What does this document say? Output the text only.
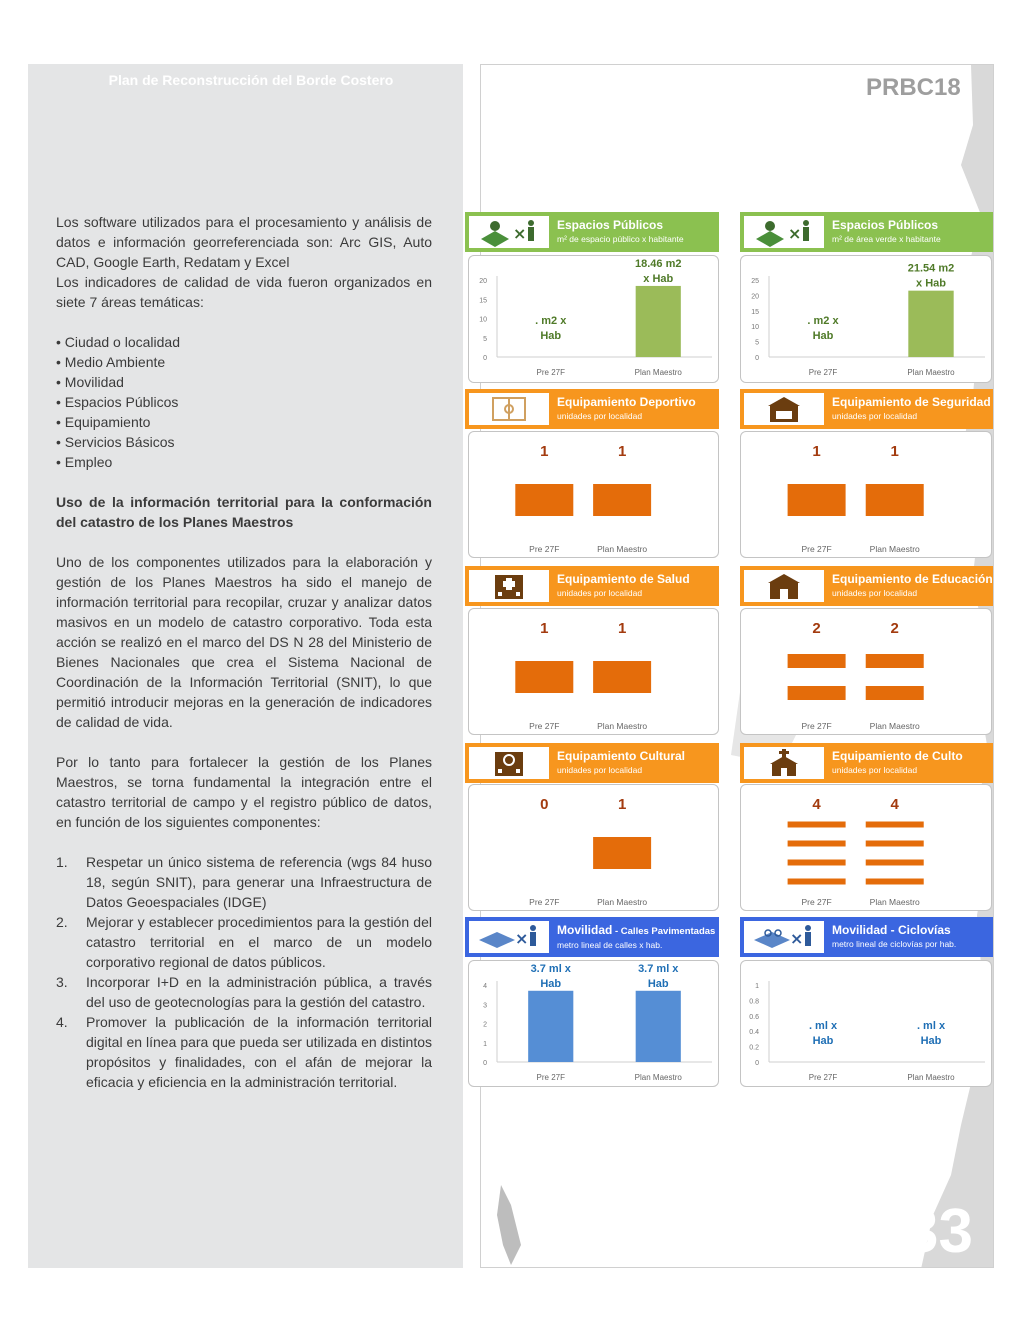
Plan de Reconstrucción del Borde Costero

Los software utilizados para el procesamiento y análisis de datos e información georreferenciada son: Arc GIS, Auto CAD, Google Earth, Redatam y Excel

Los indicadores de calidad de vida fueron organizados en siete 7 áreas temáticas:

• Ciudad o localidad

• Medio Ambiente

• Movilidad

• Espacios Públicos

• Equipamiento

• Servicios Básicos

• Empleo

Uso de la información territorial para la conformación del catastro de los Planes Maestros

Uno de los componentes utilizados para la elaboración y gestión de los Planes Maestros ha sido el manejo de información territorial para recopilar, cruzar y analizar datos masivos en un modelo de catastro corporativo. Toda esta acción se realizó en el marco del DS N 28 del Ministerio de Bienes Nacionales que crea el Sistema Nacional de Coordinación de la Información Territorial (SNIT), lo que permitió introducir mejoras en la generación de indicadores de calidad de vida.

Por lo tanto para fortalecer la gestión de los Planes Maestros, se torna fundamental la integración entre el catastro territorial de campo y el registro público de datos, en función de los siguientes componentes:

1. Respetar un único sistema de referencia (wgs 84 huso 18, según SNIT), para generar una Infraestructura de Datos Geoespaciales (IDGE)
2. Mejorar y establecer procedimientos para la gestión del catastro territorial en el marco de un modelo corporativo regional de datos públicos.
3. Incorporar I+D en la administración pública, a través del uso de geotecnologías para la gestión del catastro.
4. Promover la publicación de la información territorial digital en línea para que pueda ser utilizada en distintos propósitos y finalidades, con el afán de mejorar la eficacia y eficiencia en la administración territorial.
PRBC18
33
×	Espacios Públicos
m² de espacio público x habitante	×	Espacios Públicos
m² de área verde x habitante
Equipamiento Deportivo
unidades por localidad
Equipamiento de Seguridad
unidades por localidad
Equipamiento de Salud
unidades por localidad
Equipamiento de Educación
unidades por localidad
Equipamiento Cultural
unidades por localidad
Equipamiento de Culto
unidades por localidad
× Movilidad - Calles Pavimentadas
metro lineal de calles x hab.	× Movilidad - Ciclovías
metro lineal de ciclovías por hab.
0
5
10
15
20
. m2 x
Hab
Pre 27F
18.46 m2
x Hab
Plan Maestro
0
5
10
15
20
25
. m2 x
Hab
Pre 27F
21.54 m2
x Hab
Plan Maestro
1
Pre 27F
1
Plan Maestro
1
Pre 27F
1
Plan Maestro
1
Pre 27F
1
Plan Maestro
2
Pre 27F
2
Plan Maestro
0
Pre 27F
1
Plan Maestro
4
Pre 27F
4
Plan Maestro
0
1
2
3
4
3.7 ml x
Hab
Pre 27F
3.7 ml x
Hab
Plan Maestro
0
0.2
0.4
0.6
0.8
1
. ml x
Hab
Pre 27F
. ml x
Hab
Plan Maestro
